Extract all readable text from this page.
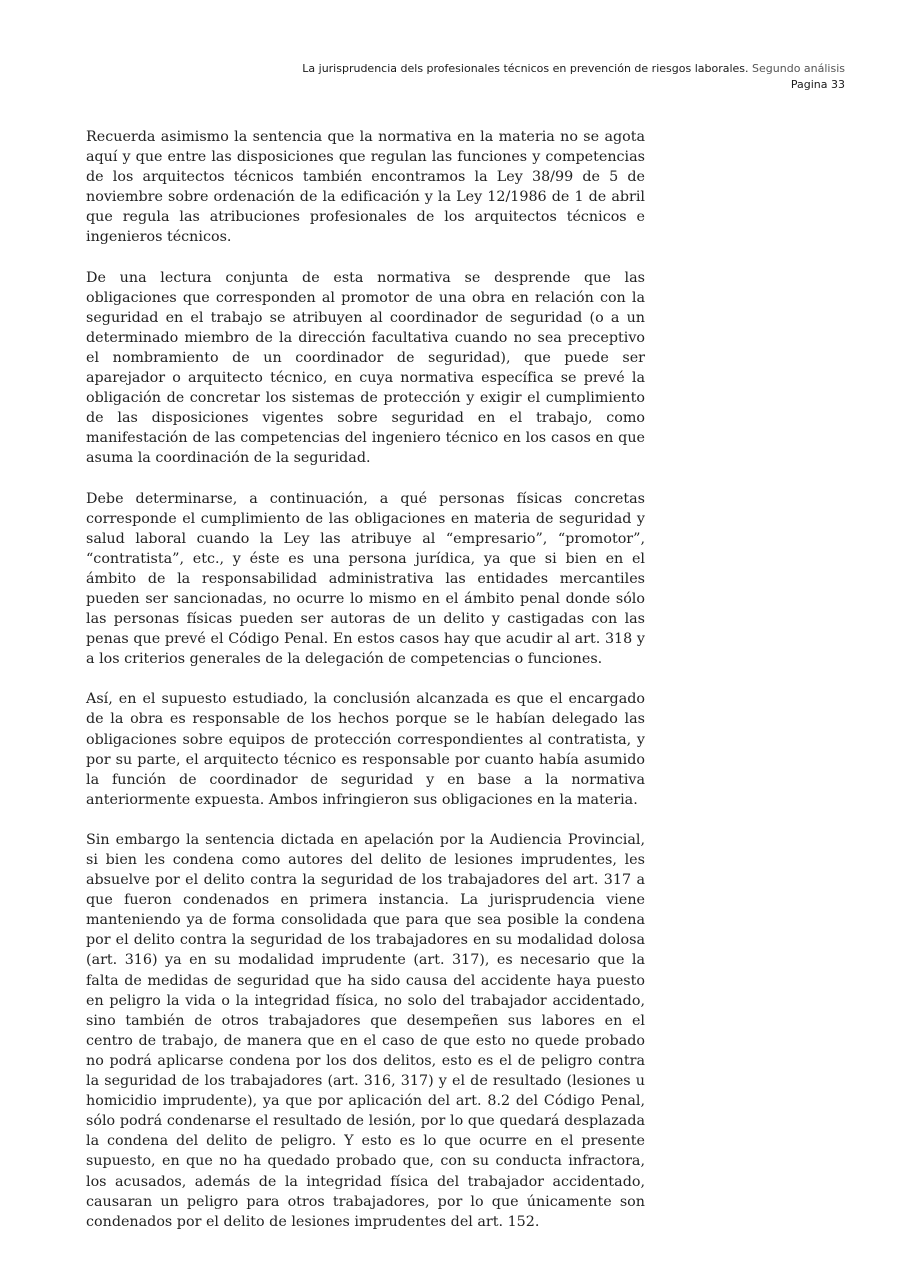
La jurisprudencia dels profesionales técnicos en prevención de riesgos laborales. Segundo análisis
Pagina 33

Recuerda asimismo la sentencia que la normativa en la materia no se agota aquí y que entre las disposiciones que regulan las funciones y competencias de los arquitectos técnicos también encontramos la Ley 38/99 de 5 de noviembre sobre ordenación de la edificación y la Ley 12/1986 de 1 de abril que regula las atribuciones profesionales de los arquitectos técnicos e ingenieros técnicos.

De una lectura conjunta de esta normativa se desprende que las obligaciones que corresponden al promotor de una obra en relación con la seguridad en el trabajo se atribuyen al coordinador de seguridad (o a un determinado miembro de la dirección facultativa cuando no sea preceptivo el nombramiento de un coordinador de seguridad), que puede ser aparejador o arquitecto técnico, en cuya normativa específica se prevé la obligación de concretar los sistemas de protección y exigir el cumplimiento de las disposiciones vigentes sobre seguridad en el trabajo, como manifestación de las competencias del ingeniero técnico en los casos en que asuma la coordinación de la seguridad.

Debe determinarse, a continuación, a qué personas físicas concretas corresponde el cumplimiento de las obligaciones en materia de seguridad y salud laboral cuando la Ley las atribuye al “empresario”, “promotor”, “contratista”, etc., y éste es una persona jurídica, ya que si bien en el ámbito de la responsabilidad administrativa las entidades mercantiles pueden ser sancionadas, no ocurre lo mismo en el ámbito penal donde sólo las personas físicas pueden ser autoras de un delito y castigadas con las penas que prevé el Código Penal. En estos casos hay que acudir al art. 318 y a los criterios generales de la delegación de competencias o funciones.

Así, en el supuesto estudiado, la conclusión alcanzada es que el encargado de la obra es responsable de los hechos porque se le habían delegado las obligaciones sobre equipos de protección correspondientes al contratista, y por su parte, el arquitecto técnico es responsable por cuanto había asumido la función de coordinador de seguridad y en base a la normativa anteriormente expuesta. Ambos infringieron sus obligaciones en la materia.

Sin embargo la sentencia dictada en apelación por la Audiencia Provincial, si bien les condena como autores del delito de lesiones imprudentes, les absuelve por el delito contra la seguridad de los trabajadores del art. 317 a que fueron condenados en primera instancia. La jurisprudencia viene manteniendo ya de forma consolidada que para que sea posible la condena por el delito contra la seguridad de los trabajadores en su modalidad dolosa (art. 316) ya en su modalidad imprudente (art. 317), es necesario que la falta de medidas de seguridad que ha sido causa del accidente haya puesto en peligro la vida o la integridad física, no solo del trabajador accidentado, sino también de otros trabajadores que desempeñen sus labores en el centro de trabajo, de manera que en el caso de que esto no quede probado no podrá aplicarse condena por los dos delitos, esto es el de peligro contra la seguridad de los trabajadores (art. 316, 317) y el de resultado (lesiones u homicidio imprudente), ya que por aplicación del art. 8.2 del Código Penal, sólo podrá condenarse el resultado de lesión, por lo que quedará desplazada la condena del delito de peligro. Y esto es lo que ocurre en el presente supuesto, en que no ha quedado probado que, con su conducta infractora, los acusados, además de la integridad física del trabajador accidentado, causaran un peligro para otros trabajadores, por lo que únicamente son condenados por el delito de lesiones imprudentes del art. 152.
